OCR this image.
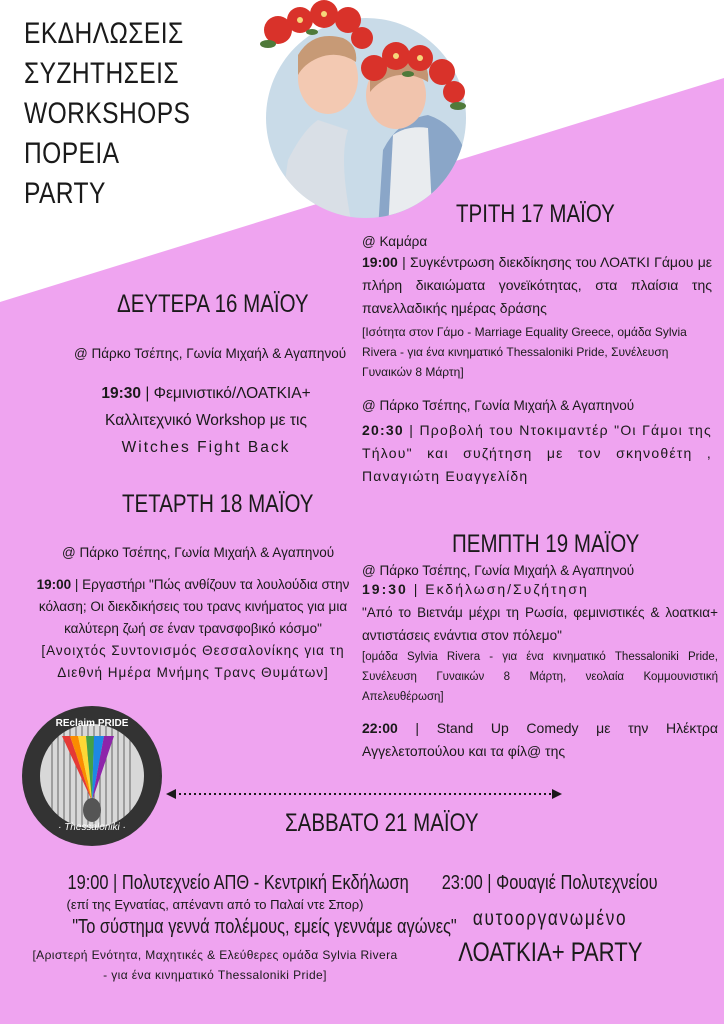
ΕΚΔΗΛΩΣΕΙΣ
ΣΥΖΗΤΗΣΕΙΣ
WORKSHOPS
ΠΟΡΕΙΑ
PARTY
ΔΕΥΤΕΡΑ 16 ΜΑΪΟΥ
@ Πάρκο Τσέπης, Γωνία Μιχαήλ & Αγαπηνού
19:30 | Φεμινιστικό/ΛΟΑΤΚΙΑ+
Καλλιτεχνικό Workshop με τις
Witches Fight Back
ΤΕΤΑΡΤΗ 18 ΜΑΪΟΥ
@ Πάρκο Τσέπης, Γωνία Μιχαήλ & Αγαπηνού
19:00 | Εργαστήρι "Πώς ανθίζουν τα λουλούδια στην κόλαση; Οι διεκδικήσεις του τρανς κινήματος για μια καλύτερη ζωή σε έναν τρανσφοβικό κόσμο"
[Ανοιχτός Συντονισμός Θεσσαλονίκης για τη Διεθνή Ημέρα Μνήμης Τρανς Θυμάτων]
ΤΡΙΤΗ 17 ΜΑΪΟΥ
@ Καμάρα
19:00 | Συγκέντρωση διεκδίκησης του ΛΟΑΤΚΙ Γάμου με πλήρη δικαιώματα γονεϊκότητας, στα πλαίσια της πανελλαδικής ημέρας δράσης
[Ισότητα στον Γάμο - Marriage Equality Greece, ομάδα Sylvia Rivera - για ένα κινηματικό Thessaloniki Pride, Συνέλευση Γυναικών 8 Μάρτη]
@ Πάρκο Τσέπης, Γωνία Μιχαήλ & Αγαπηνού
20:30 | Προβολή του Ντοκιμαντέρ "Οι Γάμοι της Τήλου" και συζήτηση με τον σκηνοθέτη , Παναγιώτη Ευαγγελίδη
ΠΕΜΠΤΗ 19 ΜΑΪΟΥ
@ Πάρκο Τσέπης, Γωνία Μιχαήλ & Αγαπηνού
19:30 | Εκδήλωση/Συζήτηση
"Από το Βιετνάμ μέχρι τη Ρωσία, φεμινιστικές & λοατκια+ αντιστάσεις ενάντια στον πόλεμο"
[ομάδα Sylvia Rivera - για ένα κινηματικό Thessaloniki Pride, Συνέλευση Γυναικών 8 Μάρτη, νεολαία Κομμουνιστική Απελευθέρωση]
22:00 | Stand Up Comedy με την Ηλέκτρα Αγγελετοπούλου και τα φίλ@ της
REclaim PRIDE
· Thessaloniki ·	ΣΑΒΒΑΤΟ 21 ΜΑΪΟΥ
19:00 | Πολυτεχνείο ΑΠΘ - Κεντρική Εκδήλωση
(επί της Εγνατίας, απέναντι από το Παλαί ντε Σπορ)
"Το σύστημα γεννά πολέμους, εμείς γεννάμε αγώνες"
[Αριστερή Ενότητα, Μαχητικές & Ελεύθερες ομάδα Sylvia Rivera - για ένα κινηματικό Thessaloniki Pride]
23:00 | Φουαγιέ Πολυτεχνείου
αυτοοργανωμένο
ΛΟΑΤΚΙΑ+ PARTY
